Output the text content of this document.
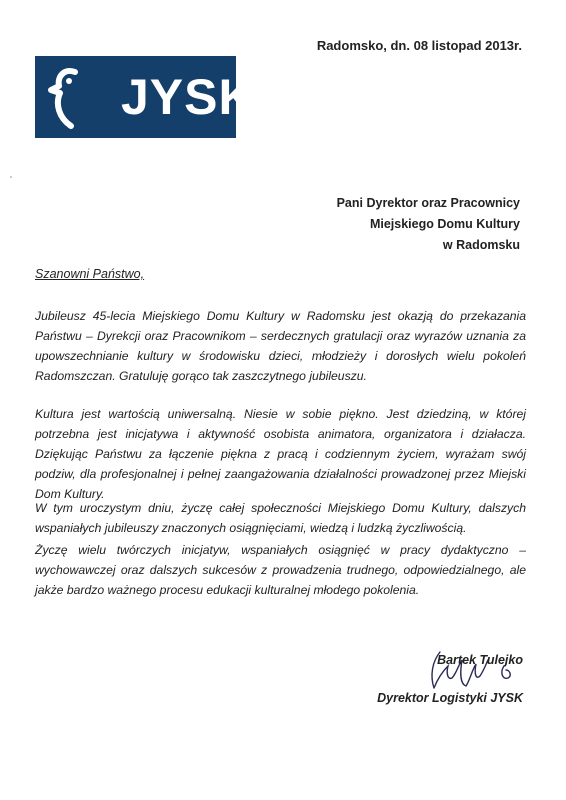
Radomsko, dn. 08 listopad 2013r.
JYSK
Pani Dyrektor oraz Pracownicy
Miejskiego Domu Kultury
w Radomsku
Szanowni Państwo,
Jubileusz 45-lecia Miejskiego Domu Kultury w Radomsku jest okazją do przekazania Państwu – Dyrekcji oraz Pracownikom – serdecznych gratulacji oraz wyrazów uznania za upowszechnianie kultury w środowisku dzieci, młodzieży i dorosłych wielu pokoleń Radomszczan. Gratuluję gorąco tak zaszczytnego jubileuszu.
Kultura jest wartością uniwersalną. Niesie w sobie piękno. Jest dziedziną, w której potrzebna jest inicjatywa i aktywność osobista animatora, organizatora i działacza. Dziękując Państwu za łączenie piękna z pracą i codziennym życiem, wyrażam swój podziw, dla profesjonalnej i pełnej zaangażowania działalności prowadzonej przez Miejski Dom Kultury.
W tym uroczystym dniu, życzę całej społeczności Miejskiego Domu Kultury, dalszych wspaniałych jubileuszy znaczonych osiągnięciami, wiedzą i ludzką życzliwością.
Życzę wielu twórczych inicjatyw, wspaniałych osiągnięć w pracy dydaktyczno – wychowawczej oraz dalszych sukcesów z prowadzenia trudnego, odpowiedzialnego, ale jakże bardzo ważnego procesu edukacji kulturalnej młodego pokolenia.
Bartek Tulejko
Dyrektor Logistyki JYSK
